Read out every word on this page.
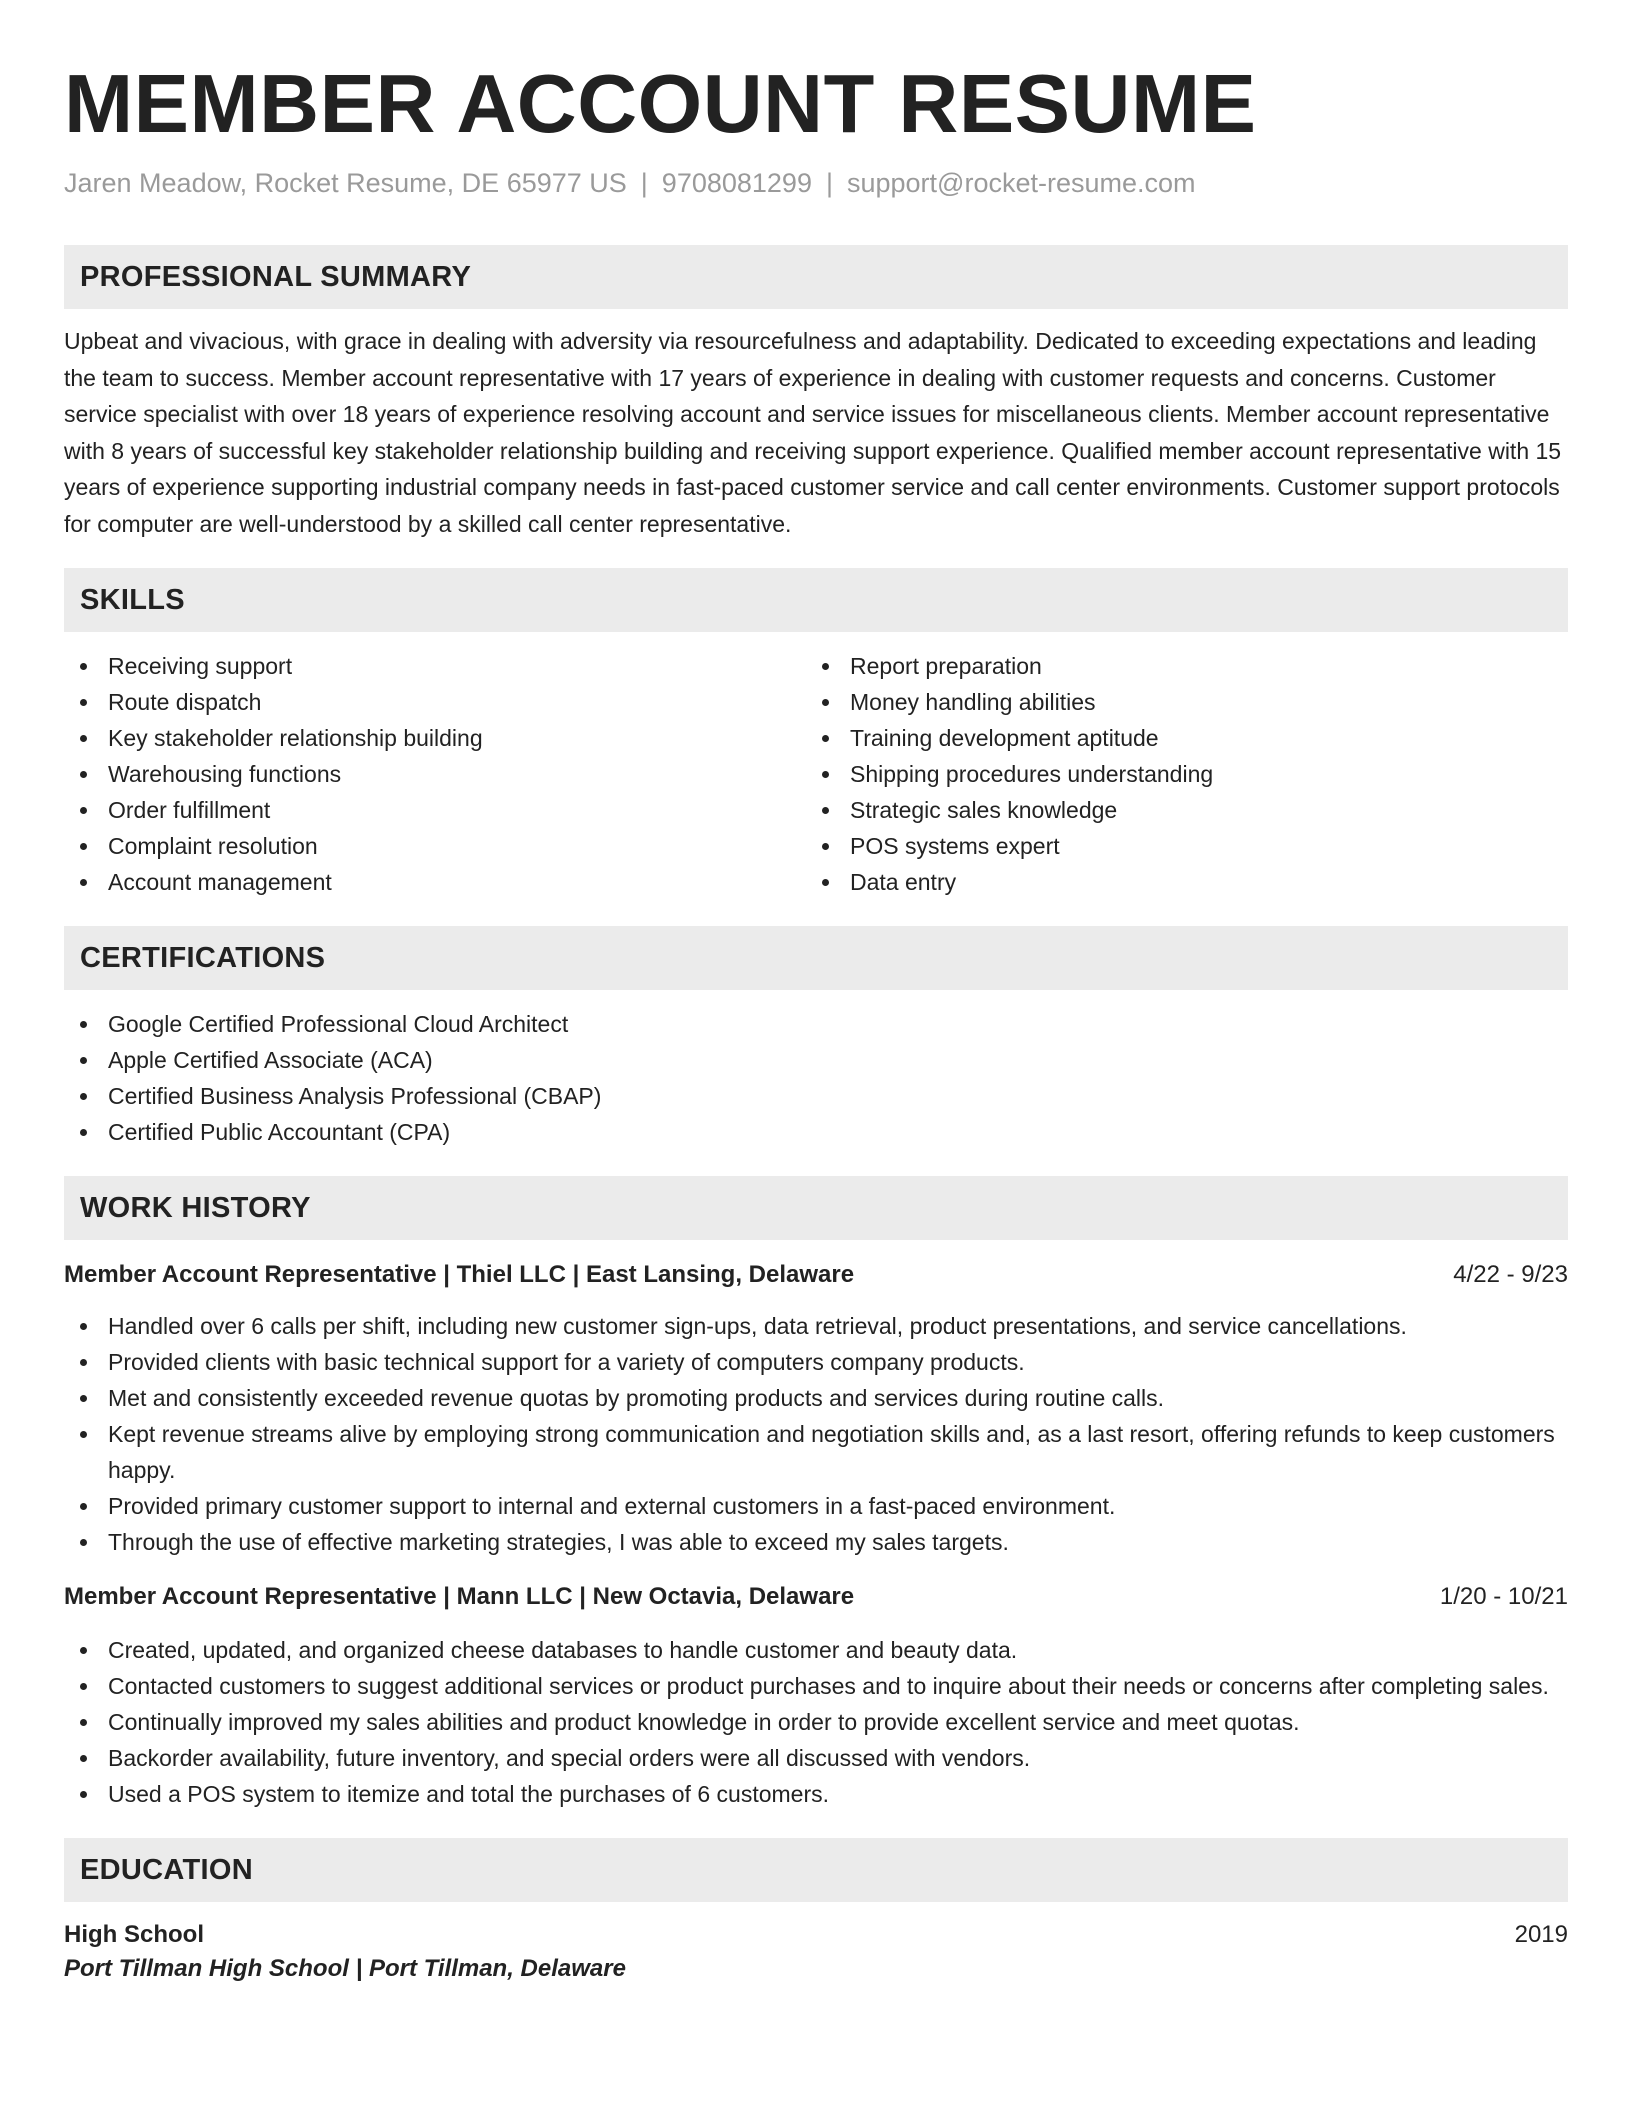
MEMBER ACCOUNT RESUME
Jaren Meadow, Rocket Resume, DE 65977 US | 9708081299 | support@rocket-resume.com
PROFESSIONAL SUMMARY

Upbeat and vivacious, with grace in dealing with adversity via resourcefulness and adaptability. Dedicated to exceeding expectations and leading the team to success. Member account representative with 17 years of experience in dealing with customer requests and concerns. Customer service specialist with over 18 years of experience resolving account and service issues for miscellaneous clients. Member account representative with 8 years of successful key stakeholder relationship building and receiving support experience. Qualified member account representative with 15 years of experience supporting industrial company needs in fast-paced customer service and call center environments. Customer support protocols for computer are well-understood by a skilled call center representative.

SKILLS
Receiving support
Route dispatch
Key stakeholder relationship building
Warehousing functions
Order fulfillment
Complaint resolution
Account management
Report preparation
Money handling abilities
Training development aptitude
Shipping procedures understanding
Strategic sales knowledge
POS systems expert
Data entry
CERTIFICATIONS
Google Certified Professional Cloud Architect
Apple Certified Associate (ACA)
Certified Business Analysis Professional (CBAP)
Certified Public Accountant (CPA)
WORK HISTORY
Member Account Representative | Thiel LLC | East Lansing, Delaware	4/22 - 9/23
Handled over 6 calls per shift, including new customer sign-ups, data retrieval, product presentations, and service cancellations.
Provided clients with basic technical support for a variety of computers company products.
Met and consistently exceeded revenue quotas by promoting products and services during routine calls.
Kept revenue streams alive by employing strong communication and negotiation skills and, as a last resort, offering refunds to keep customers happy.
Provided primary customer support to internal and external customers in a fast-paced environment.
Through the use of effective marketing strategies, I was able to exceed my sales targets.
Member Account Representative | Mann LLC | New Octavia, Delaware	1/20 - 10/21
Created, updated, and organized cheese databases to handle customer and beauty data.
Contacted customers to suggest additional services or product purchases and to inquire about their needs or concerns after completing sales.
Continually improved my sales abilities and product knowledge in order to provide excellent service and meet quotas.
Backorder availability, future inventory, and special orders were all discussed with vendors.
Used a POS system to itemize and total the purchases of 6 customers.
EDUCATION
High School	2019
Port Tillman High School | Port Tillman, Delaware
